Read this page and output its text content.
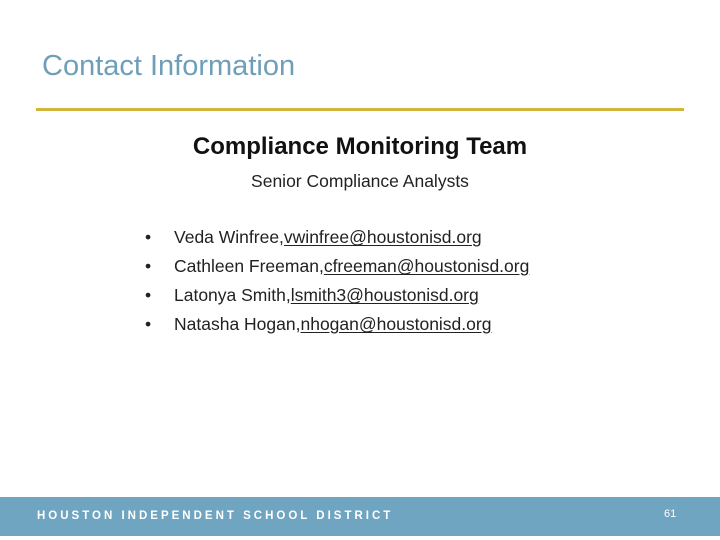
Contact Information
Compliance Monitoring Team

Senior Compliance Analysts

•	Veda Winfree, vwinfree@houstonisd.org
•	Cathleen Freeman, cfreeman@houstonisd.org
•	Latonya Smith, lsmith3@houstonisd.org
•	Natasha Hogan, nhogan@houstonisd.org
HOUSTON INDEPENDENT SCHOOL DISTRICT	61
